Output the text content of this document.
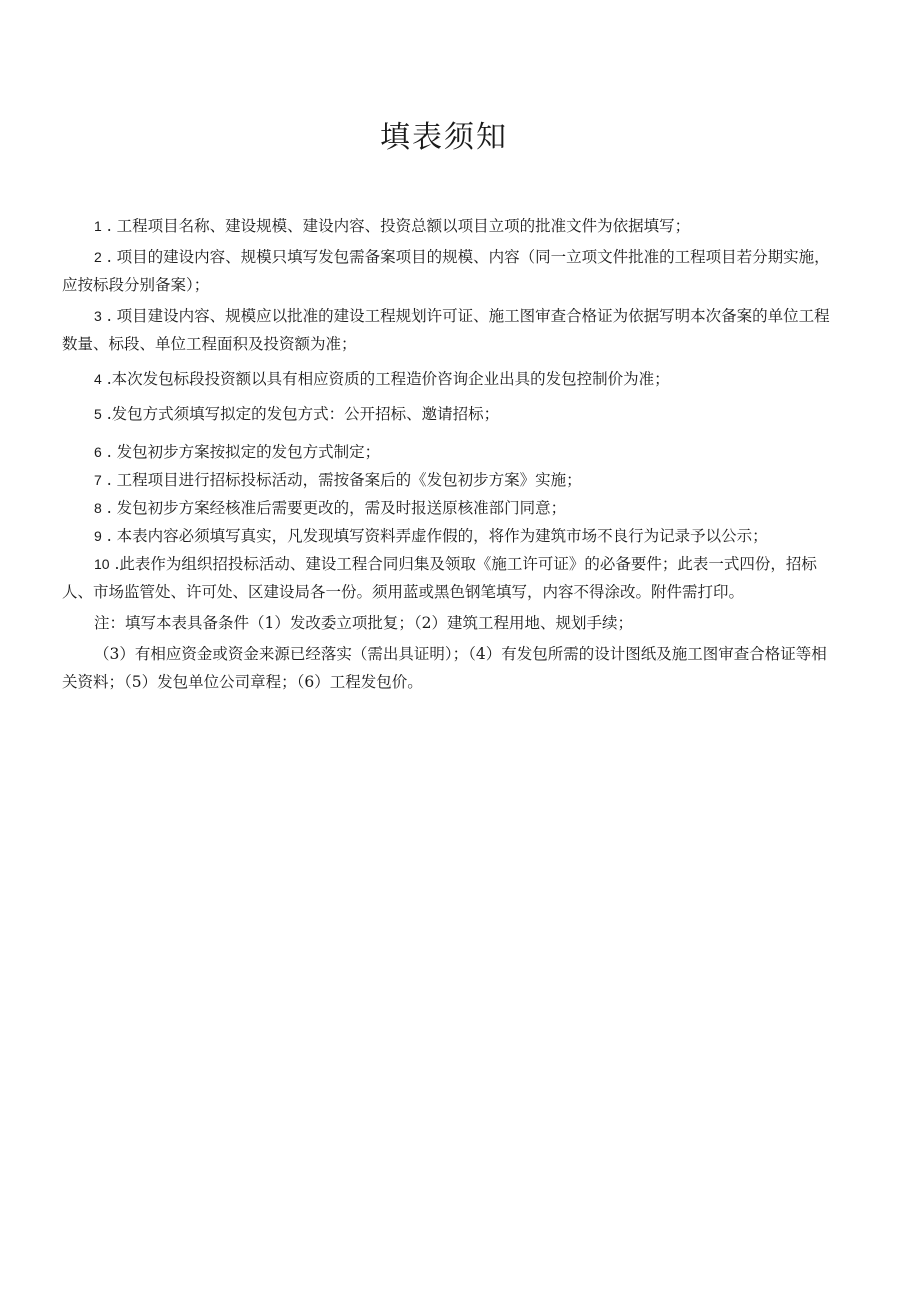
填表须知

1 . 工程项目名称、建设规模、建设内容、投资总额以项目立项的批准文件为依据填写；

2 . 项目的建设内容、规模只填写发包需备案项目的规模、内容（同一立项文件批准的工程项目若分期实施，应按标段分别备案）；

3 . 项目建设内容、规模应以批准的建设工程规划许可证、施工图审查合格证为依据写明本次备案的单位工程数量、标段、单位工程面积及投资额为准；

4 .本次发包标段投资额以具有相应资质的工程造价咨询企业出具的发包控制价为准；

5 .发包方式须填写拟定的发包方式：公开招标、邀请招标；

6 . 发包初步方案按拟定的发包方式制定；

7 . 工程项目进行招标投标活动，需按备案后的《发包初步方案》实施；

8 . 发包初步方案经核准后需要更改的，需及时报送原核准部门同意；

9 . 本表内容必须填写真实，凡发现填写资料弄虚作假的，将作为建筑市场不良行为记录予以公示；

10 .此表作为组织招投标活动、建设工程合同归集及领取《施工许可证》的必备要件；此表一式四份，招标人、市场监管处、许可处、区建设局各一份。须用蓝或黑色钢笔填写，内容不得涂改。附件需打印。

注：填写本表具备条件（1）发改委立项批复；（2）建筑工程用地、规划手续；

（3）有相应资金或资金来源已经落实（需出具证明）；（4）有发包所需的设计图纸及施工图审查合格证等相关资料；（5）发包单位公司章程；（6）工程发包价。
